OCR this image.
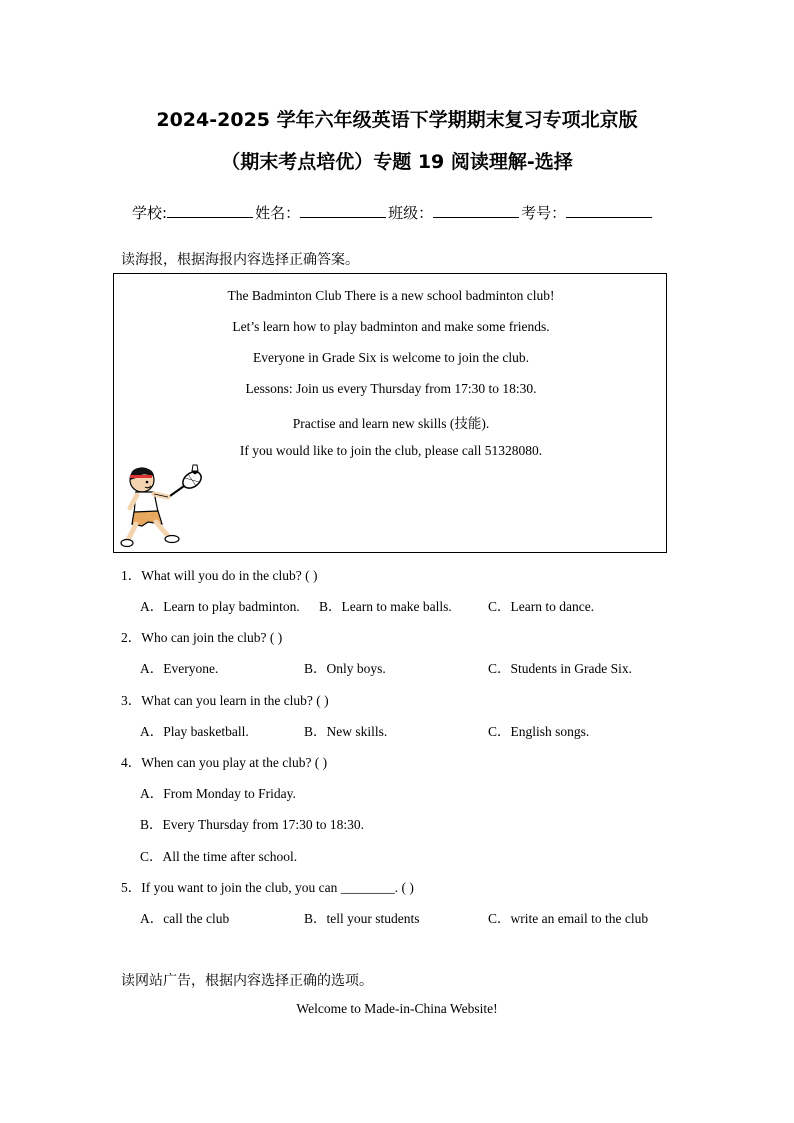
2024-2025 学年六年级英语下学期期末复习专项北京版
（期末考点培优）专题 19 阅读理解-选择
学校:	姓名：	班级：	考号：
读海报，根据海报内容选择正确答案。
The Badminton Club There is a new school badminton club!
Let’s learn how to play badminton and make some friends.
Everyone in Grade Six is welcome to join the club.
Lessons: Join us every Thursday from 17:30 to 18:30.
Practise and learn new skills (技能).
If you would like to join the club, please call 51328080.
1．What will you do in the club? ( )
A．Learn to play badminton. B．Learn to make balls.	C．Learn to dance.
2．Who can join the club? ( )
A．Everyone.	B．Only boys.	C．Students in Grade Six.
3．What can you learn in the club? ( )
A．Play basketball.	B．New skills.	C．English songs.
4．When can you play at the club? ( )
A．From Monday to Friday.
B．Every Thursday from 17:30 to 18:30.
C．All the time after school.
5．If you want to join the club, you can ________. ( )
A．call the club	B．tell your students	C．write an email to the club
读网站广告，根据内容选择正确的选项。
Welcome to Made-in-China Website!
